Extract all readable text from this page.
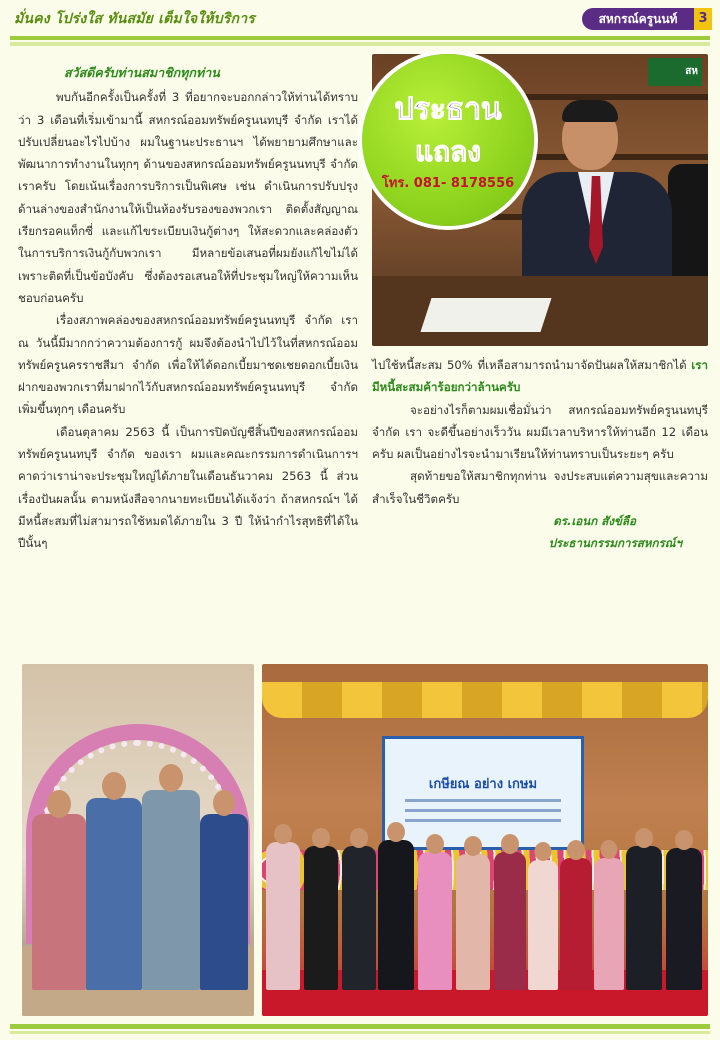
มั่นคง โปร่งใส ทันสมัย เต็มใจให้บริการ	สหกรณ์ครูนนท์	3

สวัสดีครับท่านสมาชิกทุกท่าน

พบกันอีกครั้งเป็นครั้งที่ 3 ที่อยากจะบอกกล่าวให้ท่านได้ทราบว่า 3 เดือนที่เริ่มเข้ามานี้ สหกรณ์ออมทรัพย์ครูนนทบุรี จำกัด เราได้ปรับเปลี่ยนอะไรไปบ้าง ผมในฐานะประธานฯ ได้พยายามศึกษาและพัฒนาการทำงานในทุกๆ ด้านของสหกรณ์ออมทรัพย์ครูนนทบุรี จำกัด เราครับ โดยเน้นเรื่องการบริการเป็นพิเศษ เช่น ดำเนินการปรับปรุงด้านล่างของสำนักงานให้เป็นห้องรับรองของพวกเรา ติดตั้งสัญญาณเรียกรอคแท็กซี่ และแก้ไขระเบียบเงินกู้ต่างๆ ให้สะดวกและคล่องตัวในการบริการเงินกู้กับพวกเรา มีหลายข้อเสนอที่ผมยังแก้ไขไม่ได้เพราะติดที่เป็นข้อบังคับ ซึ่งต้องรอเสนอให้ที่ประชุมใหญ่ให้ความเห็นชอบก่อนครับ

เรื่องสภาพคล่องของสหกรณ์ออมทรัพย์ครูนนทบุรี จำกัด เรา ณ วันนี้มีมากกว่าความต้องการกู้ ผมจึงต้องนำไปไว้ในที่สหกรณ์ออมทรัพย์ครูนครราชสีมา จำกัด เพื่อให้ได้ดอกเบี้ยมาชดเชยดอกเบี้ยเงินฝากของพวกเราที่มาฝากไว้กับสหกรณ์ออมทรัพย์ครูนนทบุรี จำกัด เพิ่มขึ้นทุกๆ เดือนครับ

เดือนตุลาคม 2563 นี้ เป็นการปิดบัญชีสิ้นปีของสหกรณ์ออมทรัพย์ครูนนทบุรี จำกัด ของเรา ผมและคณะกรรมการดำเนินการฯ คาดว่าเราน่าจะประชุมใหญ่ได้ภายในเดือนธันวาคม 2563 นี้ ส่วนเรื่องปันผลนั้น ตามหนังสือจากนายทะเบียนได้แจ้งว่า ถ้าสหกรณ์ฯ ได้มีหนี้สะสมที่ไม่สามารถใช้หมดได้ภายใน 3 ปี ให้นำกำไรสุทธิที่ได้ในปีนั้นๆ

สห
ประธาน
แถลง
โทร. 081- 8178556

ไปใช้หนี้สะสม 50% ที่เหลือสามารถนำมาจัดปันผลให้สมาชิกได้ เรามีหนี้สะสมค้าร้อยกว่าล้านครับ

จะอย่างไรก็ตามผมเชื่อมั่นว่า สหกรณ์ออมทรัพย์ครูนนทบุรี จำกัด เรา จะดีขึ้นอย่างเร็ววัน ผมมีเวลาบริหารให้ท่านอีก 12 เดือนครับ ผลเป็นอย่างไรจะนำมาเรียนให้ท่านทราบเป็นระยะๆ ครับ

สุดท้ายขอให้สมาชิกทุกท่าน จงประสบแต่ความสุขและความสำเร็จในชีวิตครับ

ดร.เอนก สังข์ลือ

ประธานกรรมการสหกรณ์ฯ

เกษียณ อย่าง เกษม
